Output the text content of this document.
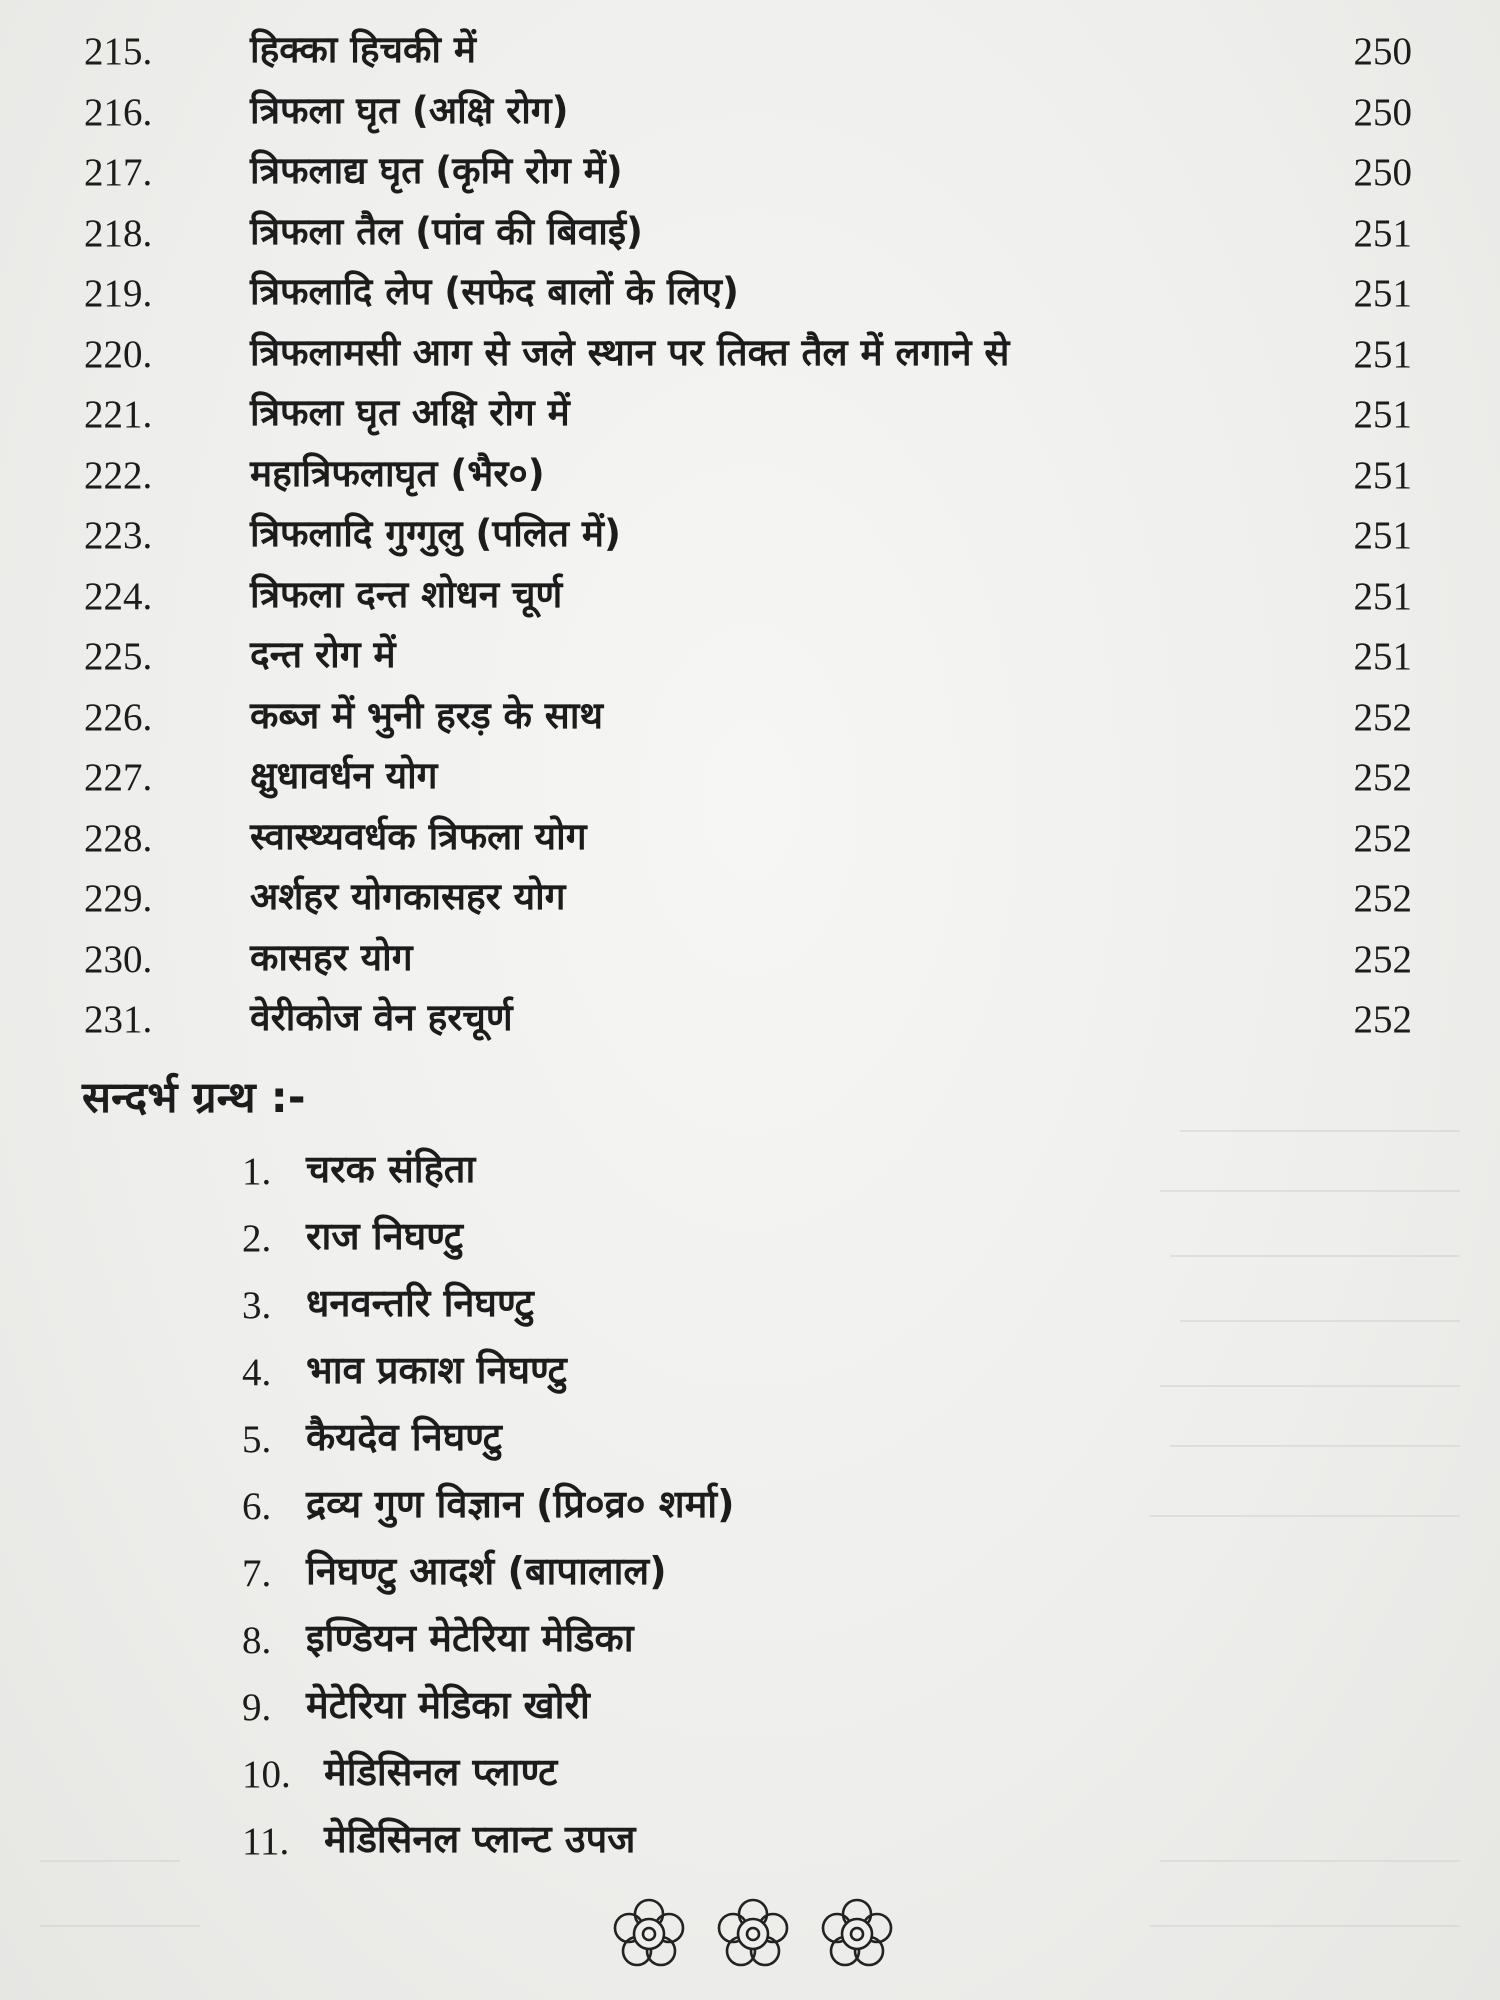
215.	हिक्का हिचकी में	250
216.	त्रिफला घृत (अक्षि रोग)	250
217.	त्रिफलाद्य घृत (कृमि रोग में)	250
218.	त्रिफला तैल (पांव की बिवाई)	251
219.	त्रिफलादि लेप (सफेद बालों के लिए)	251
220.	त्रिफलामसी आग से जले स्थान पर तिक्त तैल में लगाने से	251
221.	त्रिफला घृत अक्षि रोग में	251
222.	महात्रिफलाघृत (भैर०)	251
223.	त्रिफलादि गुग्गुलु (पलित में)	251
224.	त्रिफला दन्त शोधन चूर्ण	251
225.	दन्त रोग में	251
226.	कब्ज में भुनी हरड़ के साथ	252
227.	क्षुधावर्धन योग	252
228.	स्वास्थ्यवर्धक त्रिफला योग	252
229.	अर्शहर योगकासहर योग	252
230.	कासहर योग	252
231.	वेरीकोज वेन हरचूर्ण	252
सन्दर्भ ग्रन्थ :-
1. चरक संहिता
2. राज निघण्टु
3. धनवन्तरि निघण्टु
4. भाव प्रकाश निघण्टु
5. कैयदेव निघण्टु
6. द्रव्य गुण विज्ञान (प्रि०व्र० शर्मा)
7. निघण्टु आदर्श (बापालाल)
8. इण्डियन मेटेरिया मेडिका
9. मेटेरिया मेडिका खोरी
10. मेडिसिनल प्लाण्ट
11. मेडिसिनल प्लान्ट उपज
